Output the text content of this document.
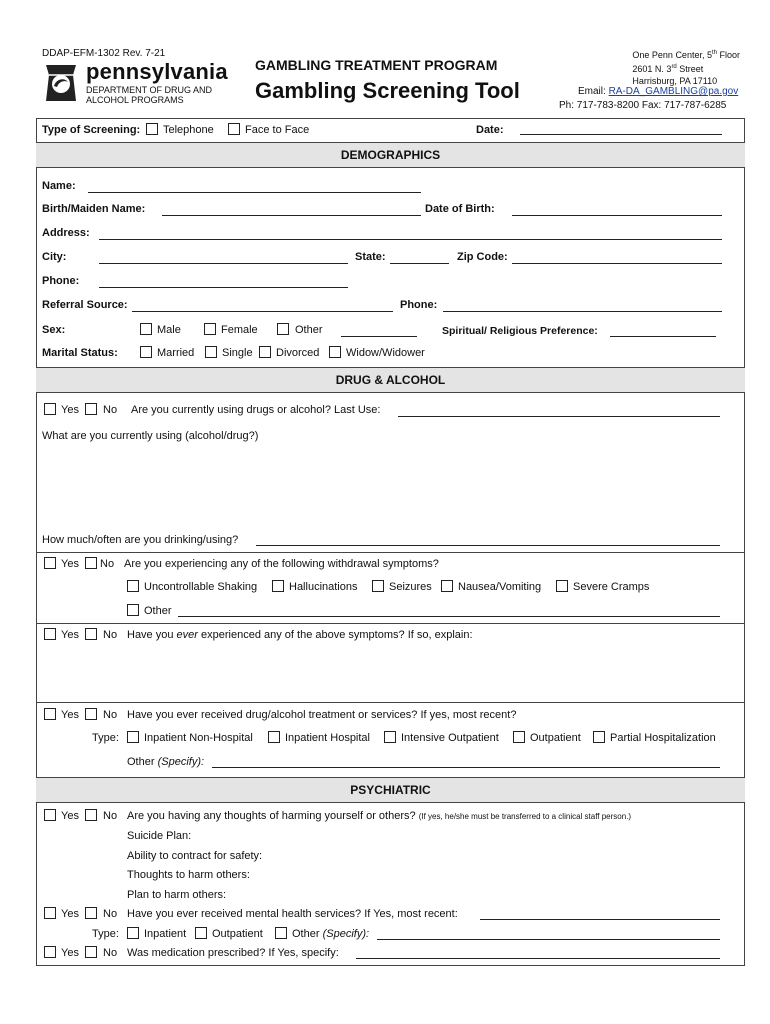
DDAP-EFM-1302 Rev. 7-21
pennsylvania
DEPARTMENT OF DRUG AND
ALCOHOL PROGRAMS
GAMBLING TREATMENT PROGRAM
Gambling Screening Tool
One Penn Center, 5th Floor
2601 N. 3rd Street
Harrisburg, PA 17110
Email: RA-DA_GAMBLING@pa.gov
Ph: 717-783-8200 Fax: 717-787-6285
Type of Screening: Telephone	Face to Face	Date:
DEMOGRAPHICS
Name:
Birth/Maiden Name:	Date of Birth:
Address:
City:	State:	Zip Code:
Phone:
Referral Source:	Phone:
Sex:	Male	Female	Other	Spiritual/ Religious Preference:
Marital Status:	Married	Single Divorced Widow/Widower
DRUG & ALCOHOL
Yes No Are you currently using drugs or alcohol? Last Use:
What are you currently using (alcohol/drug?)
How much/often are you drinking/using?
Yes No Are you experiencing any of the following withdrawal symptoms?
Uncontrollable Shaking	Hallucinations	Seizures Nausea/Vomiting	Severe Cramps
Other
Yes No Have you ever experienced any of the above symptoms? If so, explain:
Yes No Have you ever received drug/alcohol treatment or services? If yes, most recent?
Type: Inpatient Non-Hospital	Inpatient Hospital	Intensive Outpatient	Outpatient	Partial Hospitalization
Other (Specify):
PSYCHIATRIC
Yes No Are you having any thoughts of harming yourself or others? (If yes, he/she must be transferred to a clinical staff person.)
Suicide Plan:
Ability to contract for safety:
Thoughts to harm others:
Plan to harm others:
Yes No Have you ever received mental health services? If Yes, most recent:
Type: Inpatient Outpatient	Other (Specify):
Yes No Was medication prescribed? If Yes, specify:
